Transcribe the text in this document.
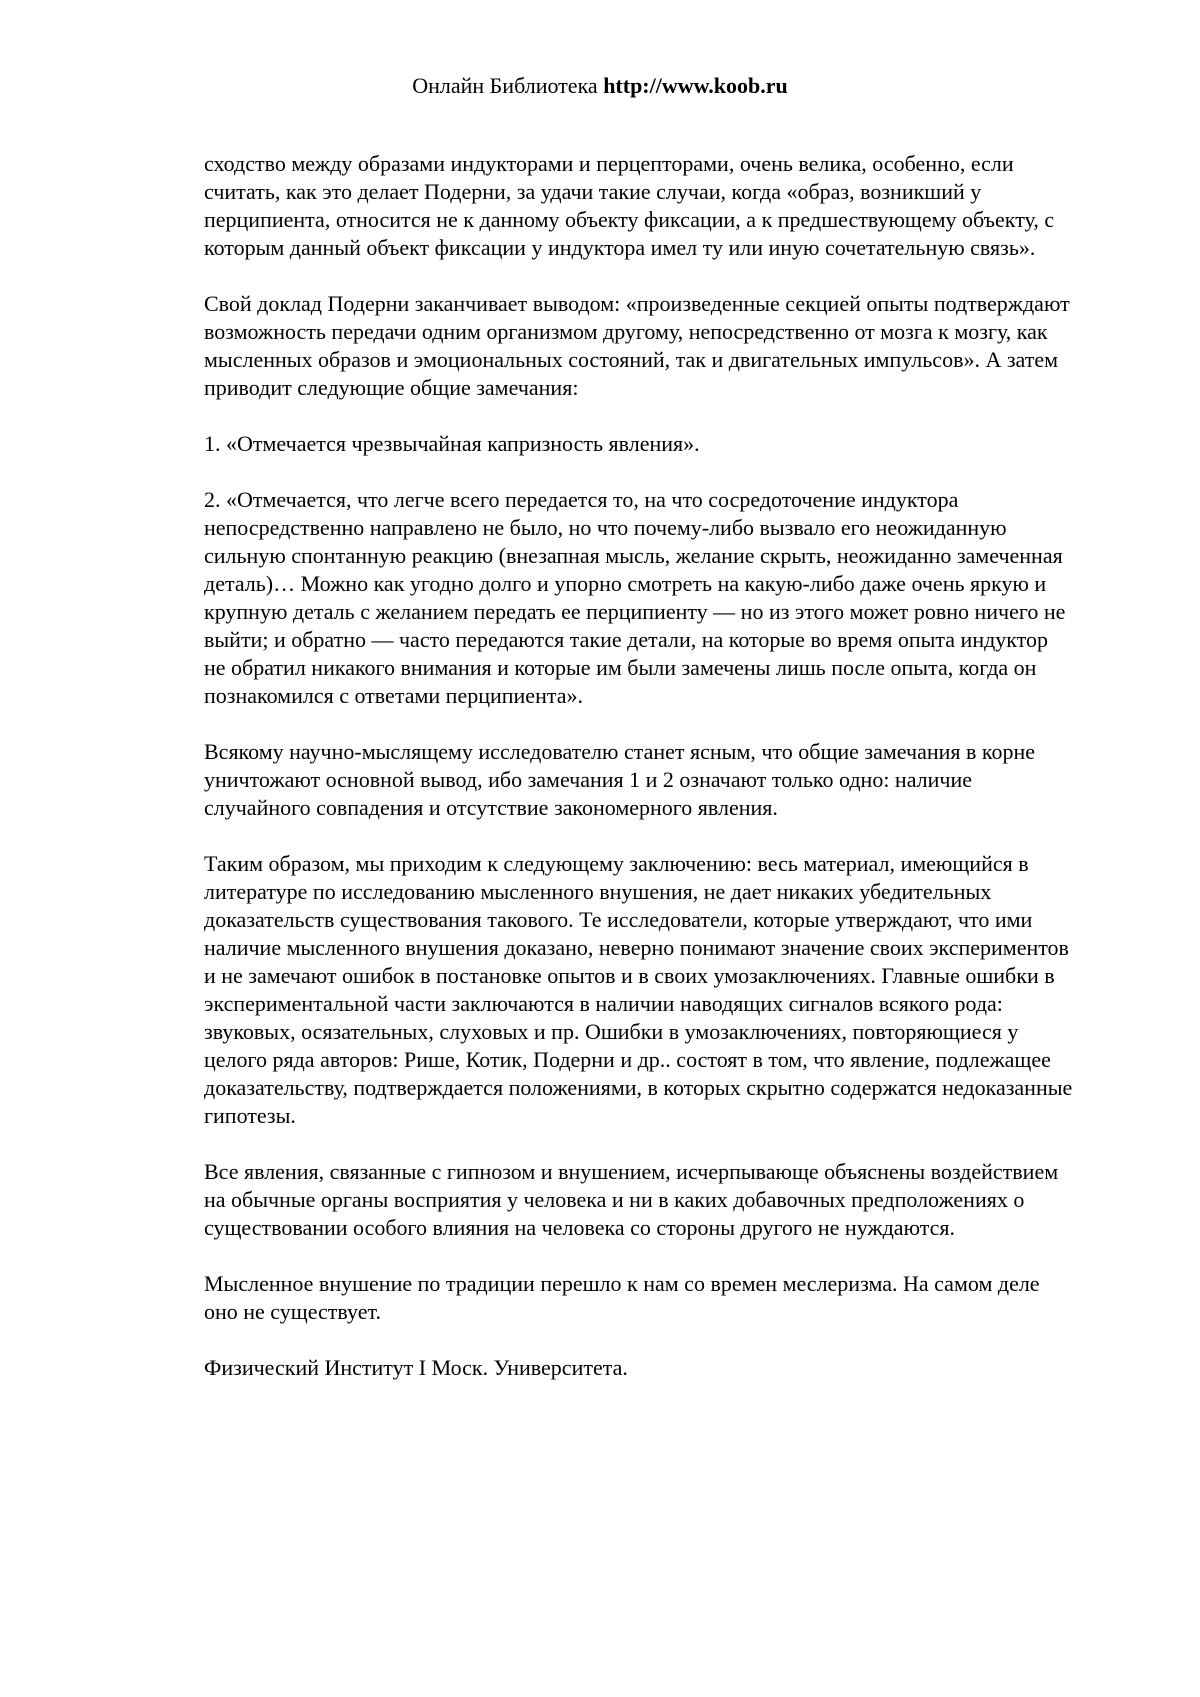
Онлайн Библиотека http://www.koob.ru

сходство между образами индукторами и перцепторами, очень велика, особенно, если считать, как это делает Подерни, за удачи такие случаи, когда «образ, возникший у перципиента, относится не к данному объекту фиксации, а к предшествующему объекту, с которым данный объект фиксации у индуктора имел ту или иную сочетательную связь».

Свой доклад Подерни заканчивает выводом: «произведенные секцией опыты подтверждают возможность передачи одним организмом другому, непосредственно от мозга к мозгу, как мысленных образов и эмоциональных состояний, так и двигательных импульсов». А затем приводит следующие общие замечания:

1. «Отмечается чрезвычайная капризность явления».

2. «Отмечается, что легче всего передается то, на что сосредоточение индуктора непосредственно направлено не было, но что почему-либо вызвало его неожиданную сильную спонтанную реакцию (внезапная мысль, желание скрыть, неожиданно замеченная деталь)… Можно как угодно долго и упорно смотреть на какую-либо даже очень яркую и крупную деталь с желанием передать ее перципиенту — но из этого может ровно ничего не выйти; и обратно — часто передаются такие детали, на которые во время опыта индуктор не обратил никакого внимания и которые им были замечены лишь после опыта, когда он познакомился с ответами перципиента».

Всякому научно-мыслящему исследователю станет ясным, что общие замечания в корне уничтожают основной вывод, ибо замечания 1 и 2 означают только одно: наличие случайного совпадения и отсутствие закономерного явления.

Таким образом, мы приходим к следующему заключению: весь материал, имеющийся в литературе по исследованию мысленного внушения, не дает никаких убедительных доказательств существования такового. Те исследователи, которые утверждают, что ими наличие мысленного внушения доказано, неверно понимают значение своих экспериментов и не замечают ошибок в постановке опытов и в своих умозаключениях. Главные ошибки в экспериментальной части заключаются в наличии наводящих сигналов всякого рода: звуковых, осязательных, слуховых и пр. Ошибки в умозаключениях, повторяющиеся у целого ряда авторов: Рише, Котик, Подерни и др.. состоят в том, что явление, подлежащее доказательству, подтверждается положениями, в которых скрытно содержатся недоказанные гипотезы.

Все явления, связанные с гипнозом и внушением, исчерпывающе объяснены воздействием на обычные органы восприятия у человека и ни в каких добавочных предположениях о существовании особого влияния на человека со стороны другого не нуждаются.

Мысленное внушение по традиции перешло к нам со времен меслеризма. На самом деле оно не существует.

Физический Институт I Моск. Университета.
